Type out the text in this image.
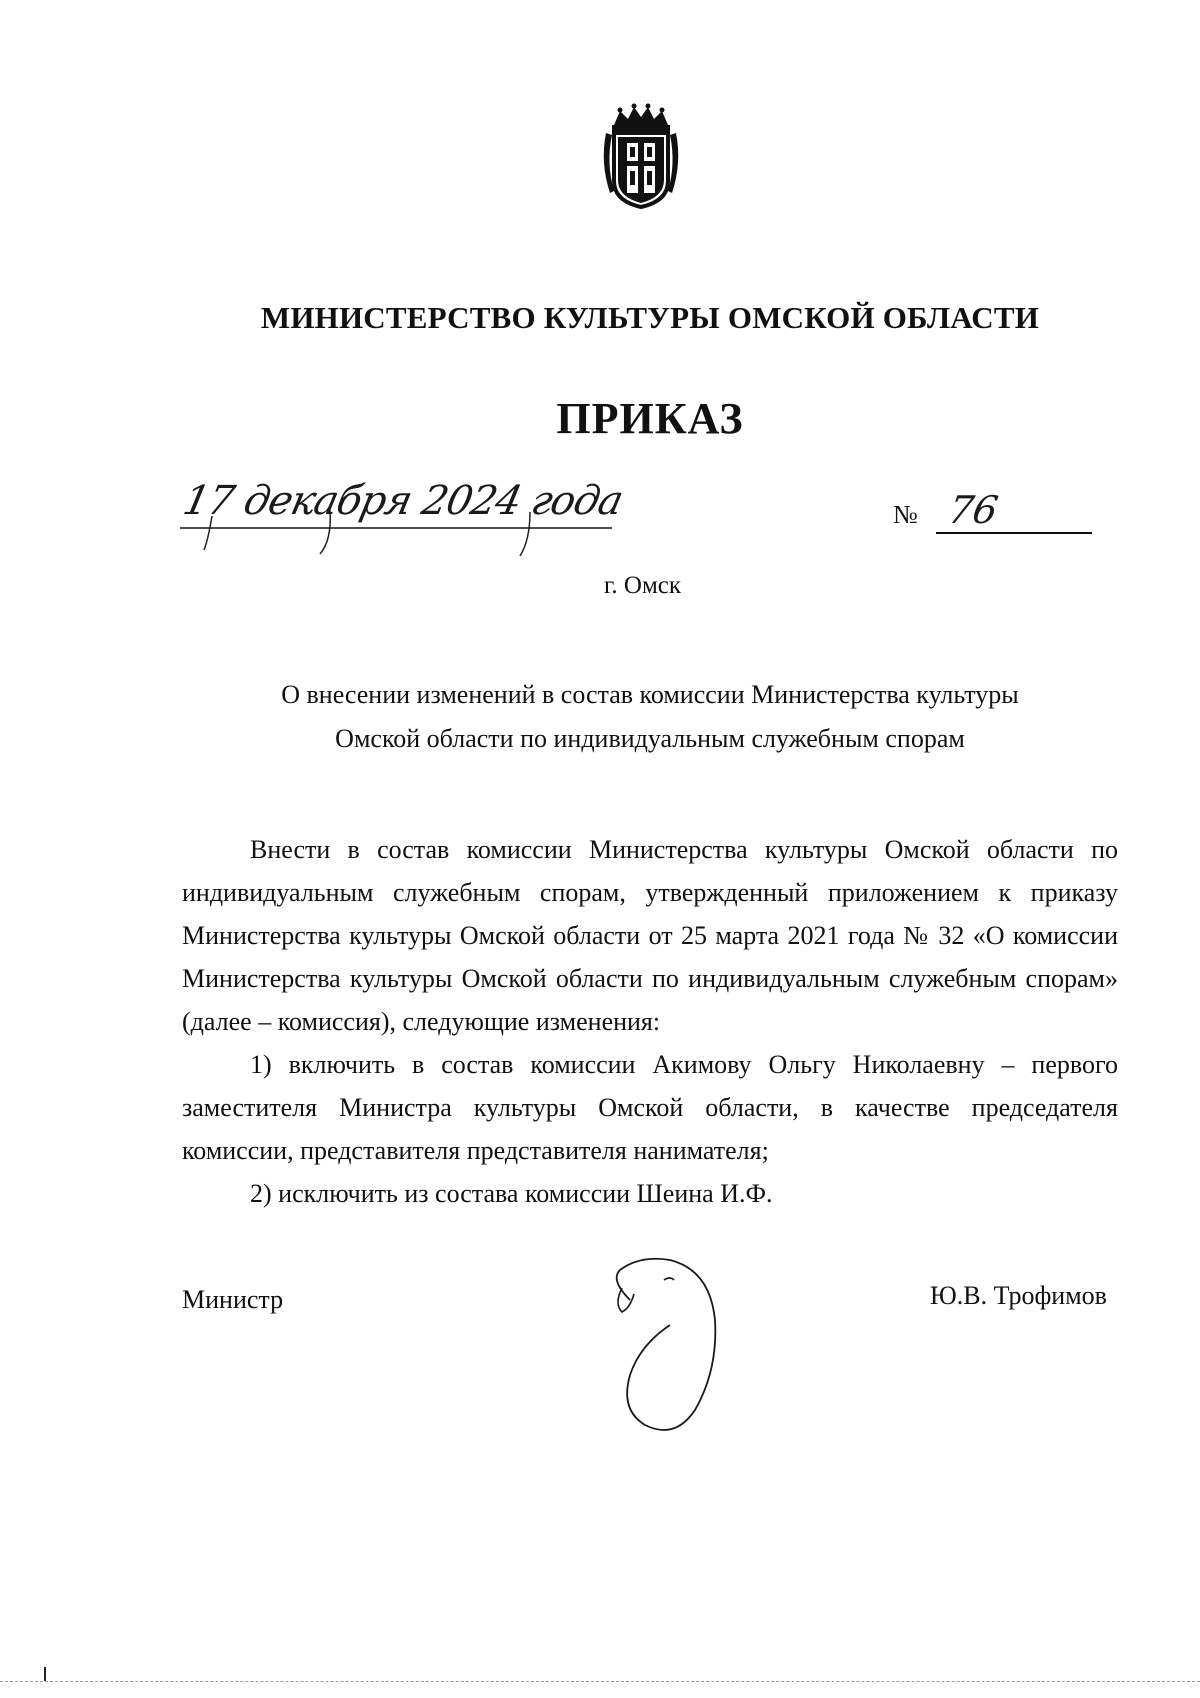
МИНИСТЕРСТВО КУЛЬТУРЫ ОМСКОЙ ОБЛАСТИ
ПРИКАЗ
17 декабря 2024 года	№ 76
г. Омск
О внесении изменений в состав комиссии Министерства культуры
Омской области по индивидуальным служебным спорам

Внести в состав комиссии Министерства культуры Омской области по индивидуальным служебным спорам, утвержденный приложением к приказу Министерства культуры Омской области от 25 марта 2021 года № 32 «О комиссии Министерства культуры Омской области по индивидуальным служебным спорам» (далее – комиссия), следующие изменения:

1) включить в состав комиссии Акимову Ольгу Николаевну – первого заместителя Министра культуры Омской области, в качестве председателя комиссии, представителя представителя нанимателя;

2) исключить из состава комиссии Шеина И.Ф.

Министр	Ю.В. Трофимов
